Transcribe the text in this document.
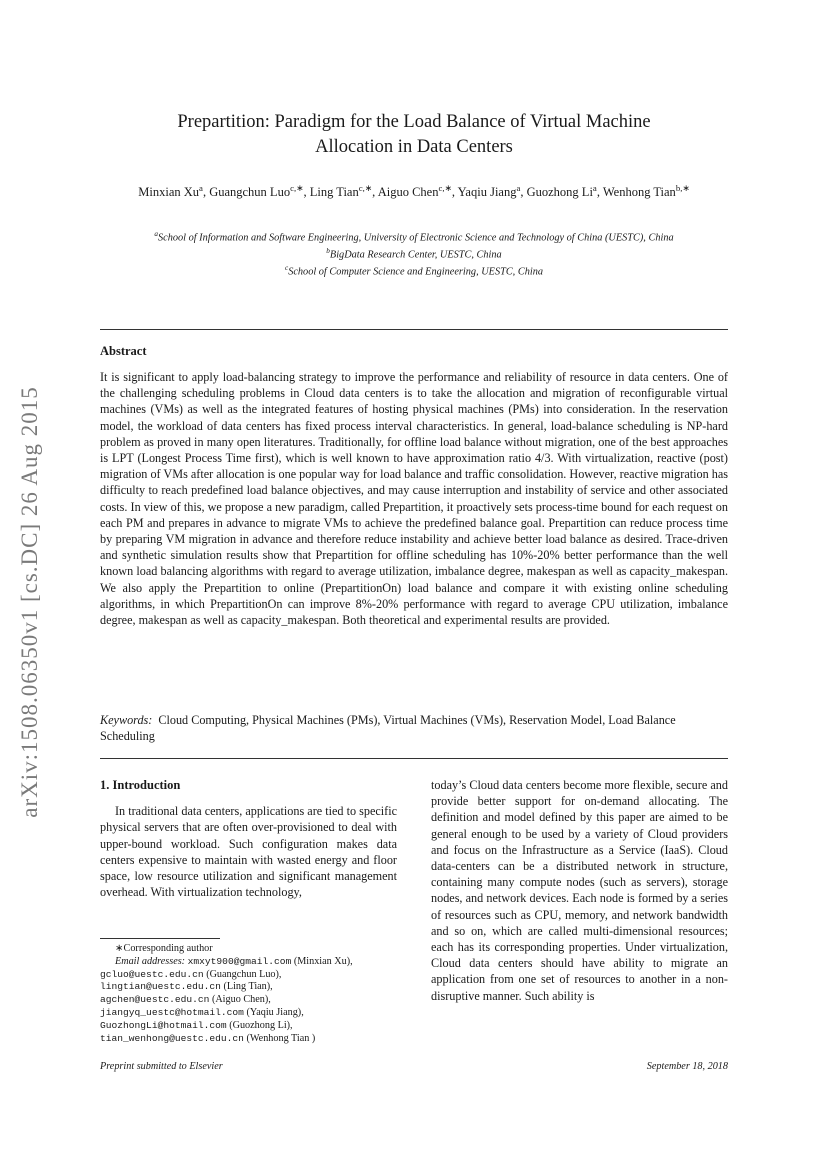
arXiv:1508.06350v1 [cs.DC] 26 Aug 2015
Prepartition: Paradigm for the Load Balance of Virtual Machine
Allocation in Data Centers
Minxian Xu$^a$, Guangchun Luo$^{c,∗}$, Ling Tian$^{c,∗}$, Aiguo Chen$^{c,∗}$, Yaqiu Jiang$^a$, Guozhong Li$^a$, Wenhong Tian$^{b,∗}$
$^a$School of Information and Software Engineering, University of Electronic Science and Technology of China (UESTC), China
$^b$BigData Research Center, UESTC, China
$^c$School of Computer Science and Engineering, UESTC, China
Abstract
It is significant to apply load-balancing strategy to improve the performance and reliability of resource in data centers. One of the challenging scheduling problems in Cloud data centers is to take the allocation and migration of reconfigurable virtual machines (VMs) as well as the integrated features of hosting physical machines (PMs) into consideration. In the reservation model, the workload of data centers has fixed process interval characteristics. In general, load-balance scheduling is NP-hard problem as proved in many open literatures. Traditionally, for offline load balance without migration, one of the best approaches is LPT (Longest Process Time first), which is well known to have approximation ratio 4/3. With virtualization, reactive (post) migration of VMs after allocation is one popular way for load balance and traffic consolidation. However, reactive migration has difficulty to reach predefined load balance objectives, and may cause interruption and instability of service and other associated costs. In view of this, we propose a new paradigm, called Prepartition, it proactively sets process-time bound for each request on each PM and prepares in advance to migrate VMs to achieve the predefined balance goal. Prepartition can reduce process time by preparing VM migration in advance and therefore reduce instability and achieve better load balance as desired. Trace-driven and synthetic simulation results show that Prepartition for offline scheduling has 10%-20% better performance than the well known load balancing algorithms with regard to average utilization, imbalance degree, makespan as well as capacity_makespan. We also apply the Prepartition to online (PrepartitionOn) load balance and compare it with existing online scheduling algorithms, in which PrepartitionOn can improve 8%-20% performance with regard to average CPU utilization, imbalance degree, makespan as well as capacity_makespan. Both theoretical and experimental results are provided.
Keywords: Cloud Computing, Physical Machines (PMs), Virtual Machines (VMs), Reservation Model, Load Balance Scheduling
1. Introduction
In traditional data centers, applications are tied to specific physical servers that are often over-provisioned to deal with upper-bound workload. Such configuration makes data centers expensive to maintain with wasted energy and floor space, low resource utilization and significant management overhead. With virtualization technology,
today’s Cloud data centers become more flexible, secure and provide better support for on-demand allocating. The definition and model defined by this paper are aimed to be general enough to be used by a variety of Cloud providers and focus on the Infrastructure as a Service (IaaS). Cloud data-centers can be a distributed network in structure, containing many compute nodes (such as servers), storage nodes, and network devices. Each node is formed by a series of resources such as CPU, memory, and network bandwidth and so on, which are called multi-dimensional resources; each has its corresponding properties. Under virtualization, Cloud data centers should have ability to migrate an application from one set of resources to another in a non-disruptive manner. Such ability is
∗Corresponding author
Email addresses: xmxyt900@gmail.com (Minxian Xu), gcluo@uestc.edu.cn (Guangchun Luo),
lingtian@uestc.edu.cn (Ling Tian),
agchen@uestc.edu.cn (Aiguo Chen),
jiangyq_uestc@hotmail.com (Yaqiu Jiang),
GuozhongLi@hotmail.com (Guozhong Li),
tian_wenhong@uestc.edu.cn (Wenhong Tian )
Preprint submitted to Elsevier	September 18, 2018
